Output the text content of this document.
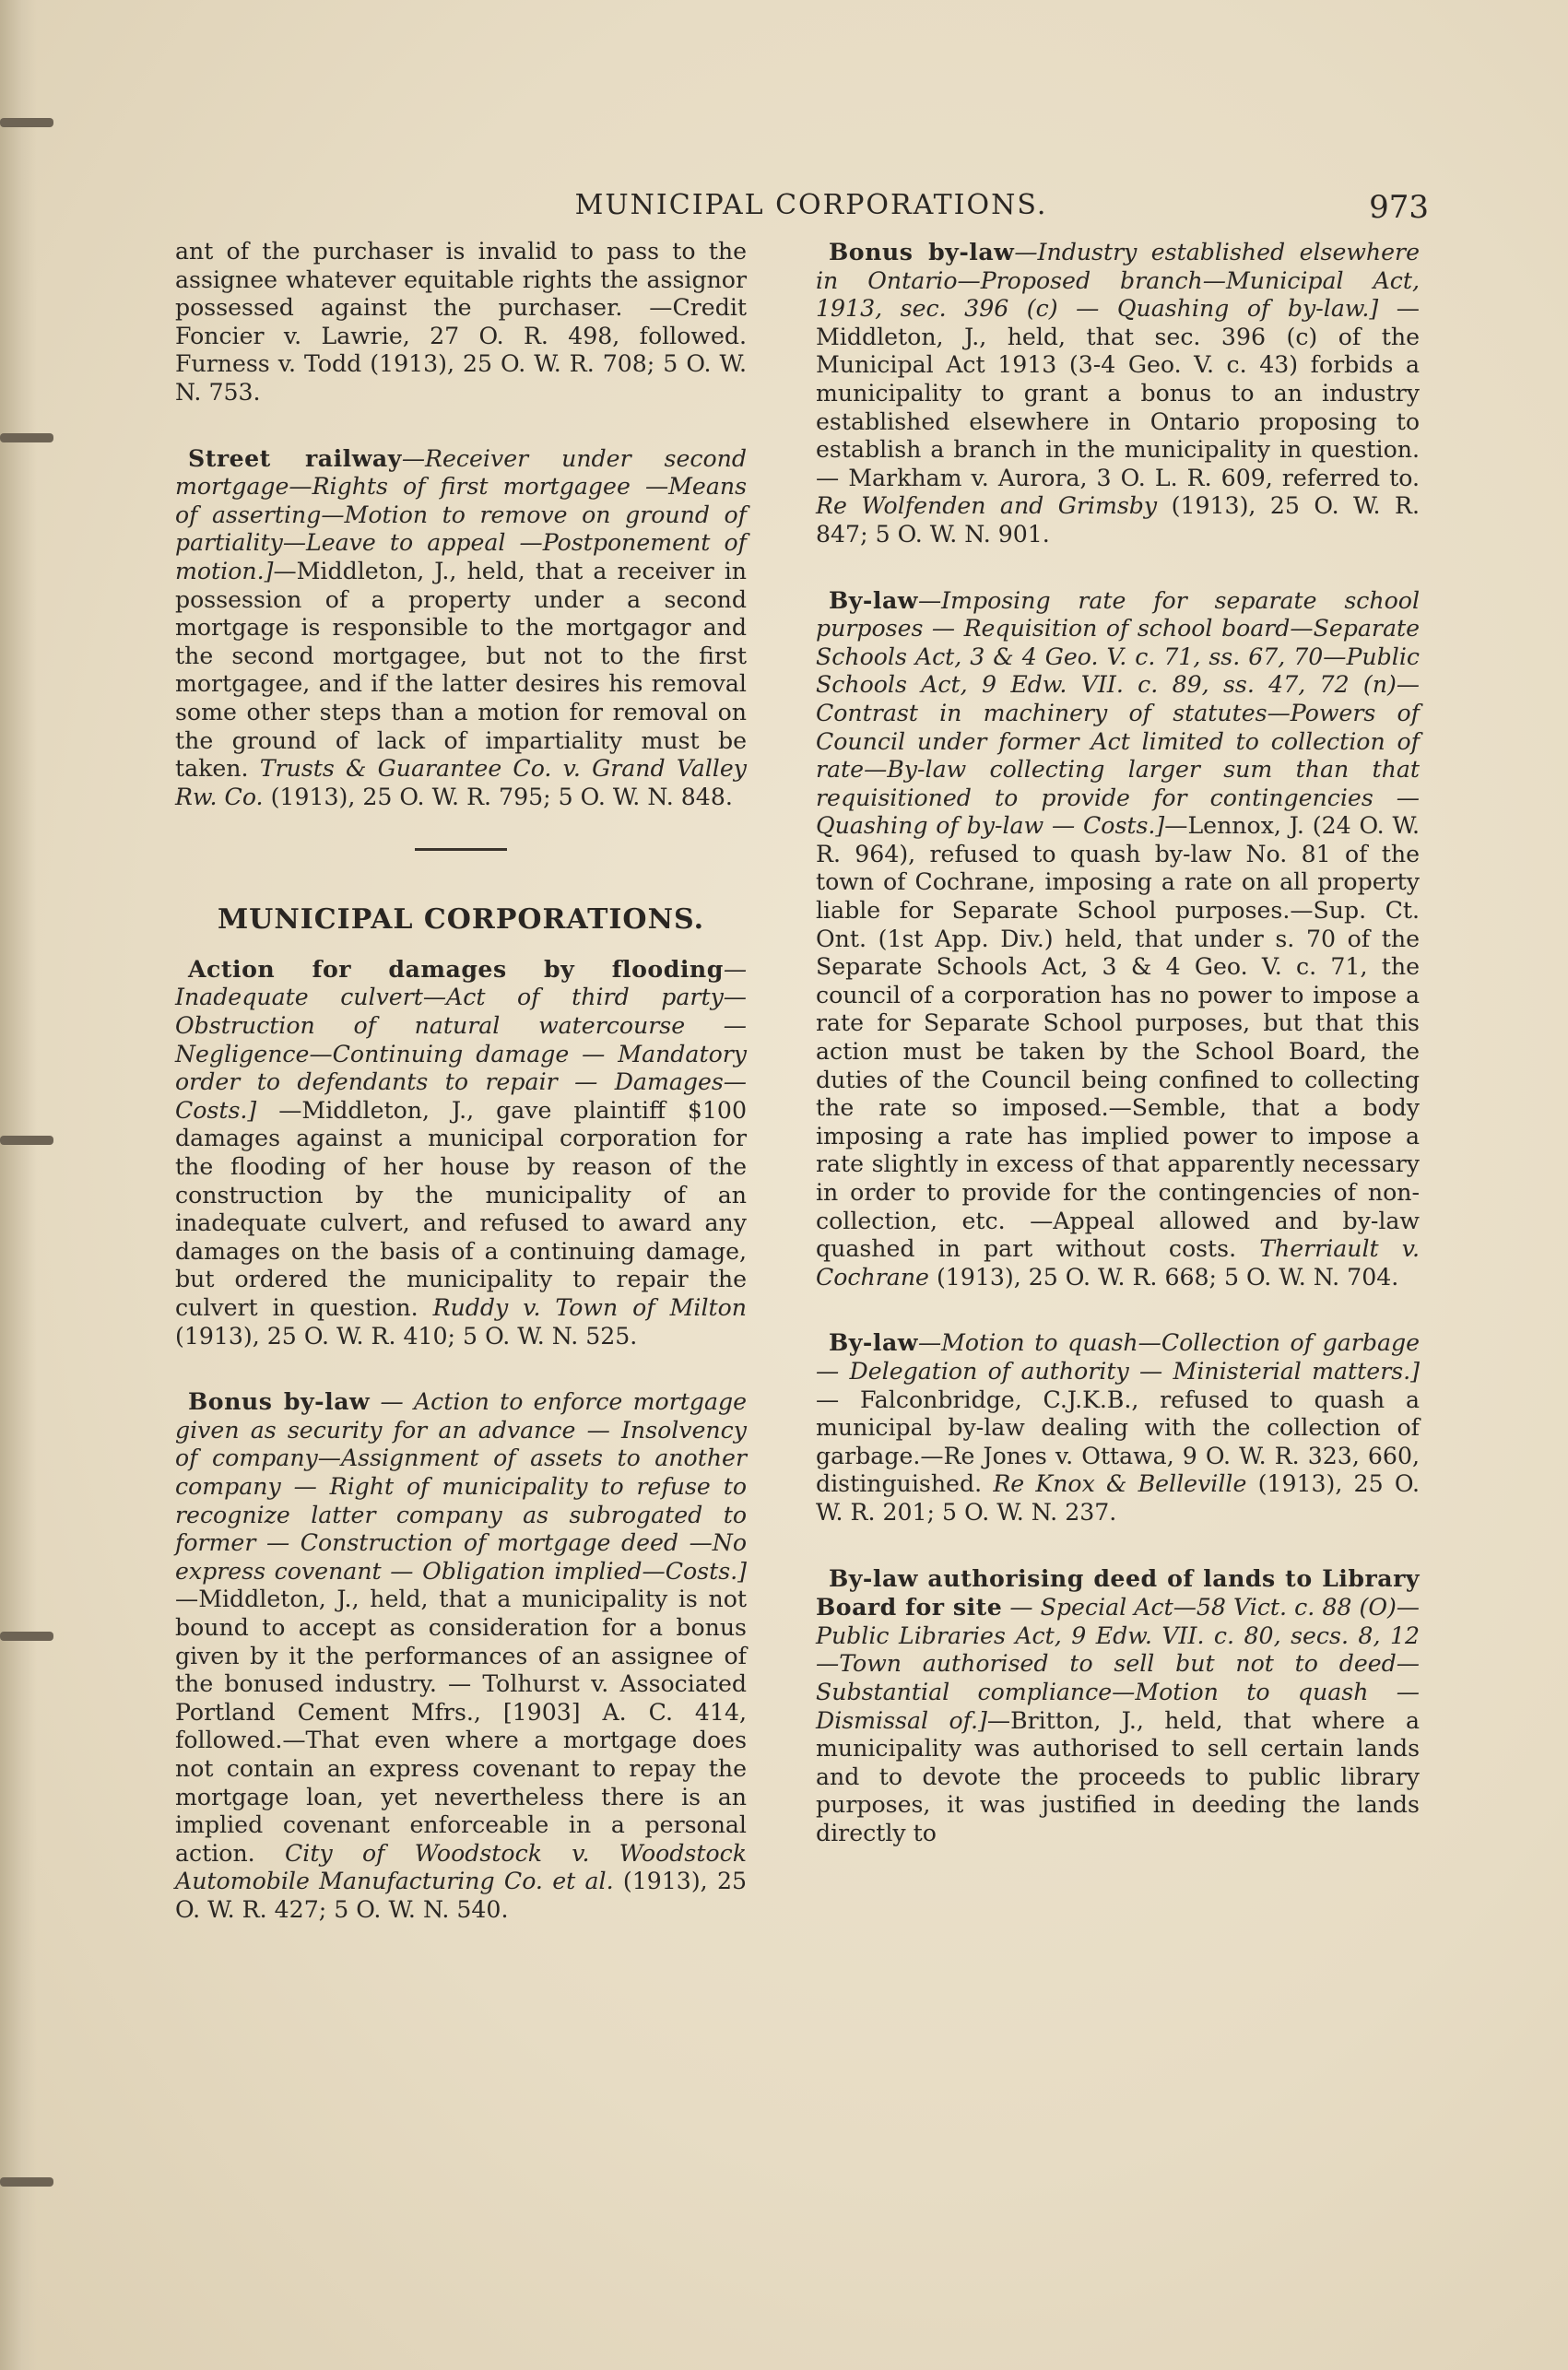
MUNICIPAL CORPORATIONS.	973

ant of the purchaser is invalid to pass to the assignee whatever equitable rights the assignor possessed against the purchaser. —Credit Foncier v. Lawrie, 27 O. R. 498, followed. Furness v. Todd (1913), 25 O. W. R. 708; 5 O. W. N. 753.

Street railway—Receiver under second mortgage—Rights of first mortgagee —Means of asserting—Motion to remove on ground of partiality—Leave to appeal —Postponement of motion.]—Middleton, J., held, that a receiver in possession of a property under a second mortgage is responsible to the mortgagor and the second mortgagee, but not to the first mortgagee, and if the latter desires his removal some other steps than a motion for removal on the ground of lack of impartiality must be taken. Trusts & Guarantee Co. v. Grand Valley Rw. Co. (1913), 25 O. W. R. 795; 5 O. W. N. 848.

MUNICIPAL CORPORATIONS.

Action for damages by flooding—Inadequate culvert—Act of third party—Obstruction of natural watercourse — Negligence—Continuing damage — Mandatory order to defendants to repair — Damages—Costs.] —Middleton, J., gave plaintiff $100 damages against a municipal corporation for the flooding of her house by reason of the construction by the municipality of an inadequate culvert, and refused to award any damages on the basis of a continuing damage, but ordered the municipality to repair the culvert in question. Ruddy v. Town of Milton (1913), 25 O. W. R. 410; 5 O. W. N. 525.

Bonus by-law — Action to enforce mortgage given as security for an advance — Insolvency of company—Assignment of assets to another company — Right of municipality to refuse to recognize latter company as subrogated to former — Construction of mortgage deed —No express covenant — Obligation implied—Costs.]—Middleton, J., held, that a municipality is not bound to accept as consideration for a bonus given by it the performances of an assignee of the bonused industry. — Tolhurst v. Associated Portland Cement Mfrs., [1903] A. C. 414, followed.—That even where a mortgage does not contain an express covenant to repay the mortgage loan, yet nevertheless there is an implied covenant enforceable in a personal action. City of Woodstock v. Woodstock Automobile Manufacturing Co. et al. (1913), 25 O. W. R. 427; 5 O. W. N. 540.

Bonus by-law—Industry established elsewhere in Ontario—Proposed branch—Municipal Act, 1913, sec. 396 (c) — Quashing of by-law.] — Middleton, J., held, that sec. 396 (c) of the Municipal Act 1913 (3-4 Geo. V. c. 43) forbids a municipality to grant a bonus to an industry established elsewhere in Ontario proposing to establish a branch in the municipality in question. — Markham v. Aurora, 3 O. L. R. 609, referred to. Re Wolfenden and Grimsby (1913), 25 O. W. R. 847; 5 O. W. N. 901.

By-law—Imposing rate for separate school purposes — Requisition of school board—Separate Schools Act, 3 & 4 Geo. V. c. 71, ss. 67, 70—Public Schools Act, 9 Edw. VII. c. 89, ss. 47, 72 (n)—Contrast in machinery of statutes—Powers of Council under former Act limited to collection of rate—By-law collecting larger sum than that requisitioned to provide for contingencies — Quashing of by-law — Costs.]—Lennox, J. (24 O. W. R. 964), refused to quash by-law No. 81 of the town of Cochrane, imposing a rate on all property liable for Separate School purposes.—Sup. Ct. Ont. (1st App. Div.) held, that under s. 70 of the Separate Schools Act, 3 & 4 Geo. V. c. 71, the council of a corporation has no power to impose a rate for Separate School purposes, but that this action must be taken by the School Board, the duties of the Council being confined to collecting the rate so imposed.—Semble, that a body imposing a rate has implied power to impose a rate slightly in excess of that apparently necessary in order to provide for the contingencies of non-collection, etc. —Appeal allowed and by-law quashed in part without costs. Therriault v. Cochrane (1913), 25 O. W. R. 668; 5 O. W. N. 704.

By-law—Motion to quash—Collection of garbage — Delegation of authority — Ministerial matters.] — Falconbridge, C.J.K.B., refused to quash a municipal by-law dealing with the collection of garbage.—Re Jones v. Ottawa, 9 O. W. R. 323, 660, distinguished. Re Knox & Belleville (1913), 25 O. W. R. 201; 5 O. W. N. 237.

By-law authorising deed of lands to Library Board for site — Special Act—58 Vict. c. 88 (O)—Public Libraries Act, 9 Edw. VII. c. 80, secs. 8, 12—Town authorised to sell but not to deed—Substantial compliance—Motion to quash —Dismissal of.]—Britton, J., held, that where a municipality was authorised to sell certain lands and to devote the proceeds to public library purposes, it was justified in deeding the lands directly to
